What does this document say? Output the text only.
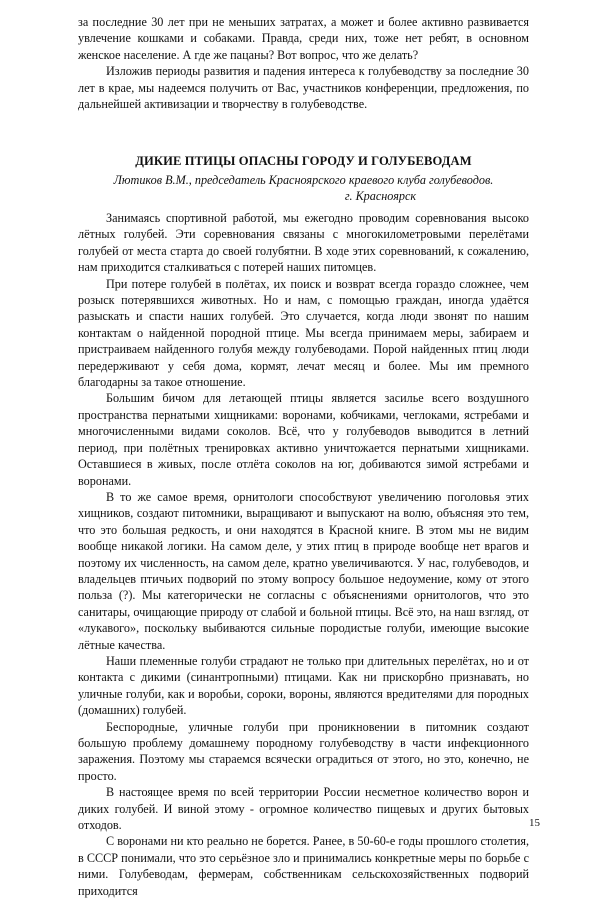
за последние 30 лет при не меньших затратах, а может и более активно развивается увлечение кошками и собаками. Правда, среди них, тоже нет ребят, в основном женское население. А где же пацаны? Вот вопрос, что же делать?

Изложив периоды развития и падения интереса к голубеводству за последние 30 лет в крае, мы надеемся получить от Вас, участников конференции, предложения, по дальнейшей активизации и творчеству в голубеводстве.

ДИКИЕ ПТИЦЫ ОПАСНЫ ГОРОДУ И ГОЛУБЕВОДАМ
Лютиков В.М., председатель Красноярского краевого клуба голубеводов.
г. Красноярск

Занимаясь спортивной работой, мы ежегодно проводим соревнования высоко лётных голубей. Эти соревнования связаны с многокилометровыми перелётами голубей от места старта до своей голубятни. В ходе этих соревнований, к сожалению, нам приходится сталкиваться с потерей наших питомцев.

При потере голубей в полётах, их поиск и возврат всегда гораздо сложнее, чем розыск потерявшихся животных. Но и нам, с помощью граждан, иногда удаётся разыскать и спасти наших голубей. Это случается, когда люди звонят по нашим контактам о найденной породной птице. Мы всегда принимаем меры, забираем и пристраиваем найденного голубя между голубеводами. Порой найденных птиц люди передерживают у себя дома, кормят, лечат месяц и более. Мы им премного благодарны за такое отношение.

Большим бичом для летающей птицы является засилье всего воздушного пространства пернатыми хищниками: воронами, кобчиками, чеглоками, ястребами и многочисленными видами соколов. Всё, что у голубеводов выводится в летний период, при полётных тренировках активно уничтожается пернатыми хищниками. Оставшиеся в живых, после отлёта соколов на юг, добиваются зимой ястребами и воронами.

В то же самое время, орнитологи способствуют увеличению поголовья этих хищников, создают питомники, выращивают и выпускают на волю, объясняя это тем, что это большая редкость, и они находятся в Красной книге. В этом мы не видим вообще никакой логики. На самом деле, у этих птиц в природе вообще нет врагов и поэтому их численность, на самом деле, кратно увеличиваются. У нас, голубеводов, и владельцев птичьих подворий по этому вопросу большое недоумение, кому от этого польза (?). Мы категорически не согласны с объяснениями орнитологов, что это санитары, очищающие природу от слабой и больной птицы. Всё это, на наш взгляд, от «лукавого», поскольку выбиваются сильные породистые голуби, имеющие высокие лётные качества.

Наши племенные голуби страдают не только при длительных перелётах, но и от контакта с дикими (синантропными) птицами. Как ни прискорбно признавать, но уличные голуби, как и воробьи, сороки, вороны, являются вредителями для породных (домашних) голубей.

Беспородные, уличные голуби при проникновении в питомник создают большую проблему домашнему породному голубеводству в части инфекционного заражения. Поэтому мы стараемся всячески оградиться от этого, но это, конечно, не просто.

В настоящее время по всей территории России несметное количество ворон и диких голубей. И виной этому - огромное количество пищевых и других бытовых отходов.

С воронами ни кто реально не борется. Ранее, в 50-60-е годы прошлого столетия, в СССР понимали, что это серьёзное зло и принимались конкретные меры по борьбе с ними. Голубеводам, фермерам, собственникам сельскохозяйственных подворий приходится

15
